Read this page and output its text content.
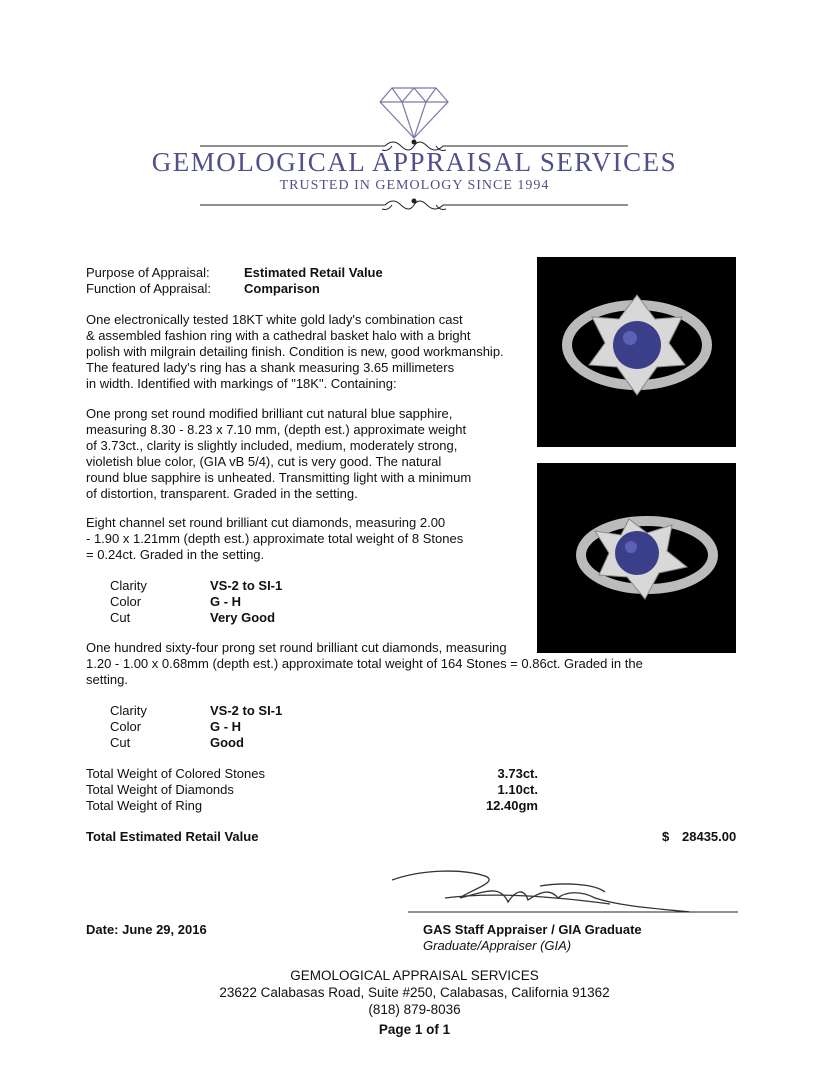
GEMOLOGICAL APPRAISAL SERVICES
TRUSTED IN GEMOLOGY SINCE 1994
Purpose of Appraisal:	Estimated Retail Value
Function of Appraisal:	Comparison
One electronically tested 18KT white gold lady's combination cast
& assembled fashion ring with a cathedral basket halo with a bright
polish with milgrain detailing finish. Condition is new, good workmanship.
The featured lady's ring has a shank measuring 3.65 millimeters
in width. Identified with markings of "18K". Containing:
One prong set round modified brilliant cut natural blue sapphire,
measuring 8.30 - 8.23 x 7.10 mm, (depth est.) approximate weight
of 3.73ct., clarity is slightly included, medium, moderately strong,
violetish blue color, (GIA vB 5/4), cut is very good. The natural
round blue sapphire is unheated. Transmitting light with a minimum
of distortion, transparent. Graded in the setting.
Eight channel set round brilliant cut diamonds, measuring 2.00
- 1.90 x 1.21mm (depth est.) approximate total weight of 8 Stones
= 0.24ct. Graded in the setting.
Clarity	VS-2 to SI-1
Color	G - H
Cut	Very Good
One hundred sixty-four prong set round brilliant cut diamonds, measuring
1.20 - 1.00 x 0.68mm (depth est.) approximate total weight of 164 Stones = 0.86ct. Graded in the
setting.
Clarity	VS-2 to SI-1
Color	G - H
Cut	Good
Total Weight of Colored Stones	3.73ct.
Total Weight of Diamonds	1.10ct.
Total Weight of Ring	12.40gm
Total Estimated Retail Value	$ 28435.00
Date: June 29, 2016	GAS Staff Appraiser / GIA Graduate
Graduate/Appraiser (GIA)
GEMOLOGICAL APPRAISAL SERVICES
23622 Calabasas Road, Suite #250, Calabasas, California 91362
(818) 879-8036
Page 1 of 1
